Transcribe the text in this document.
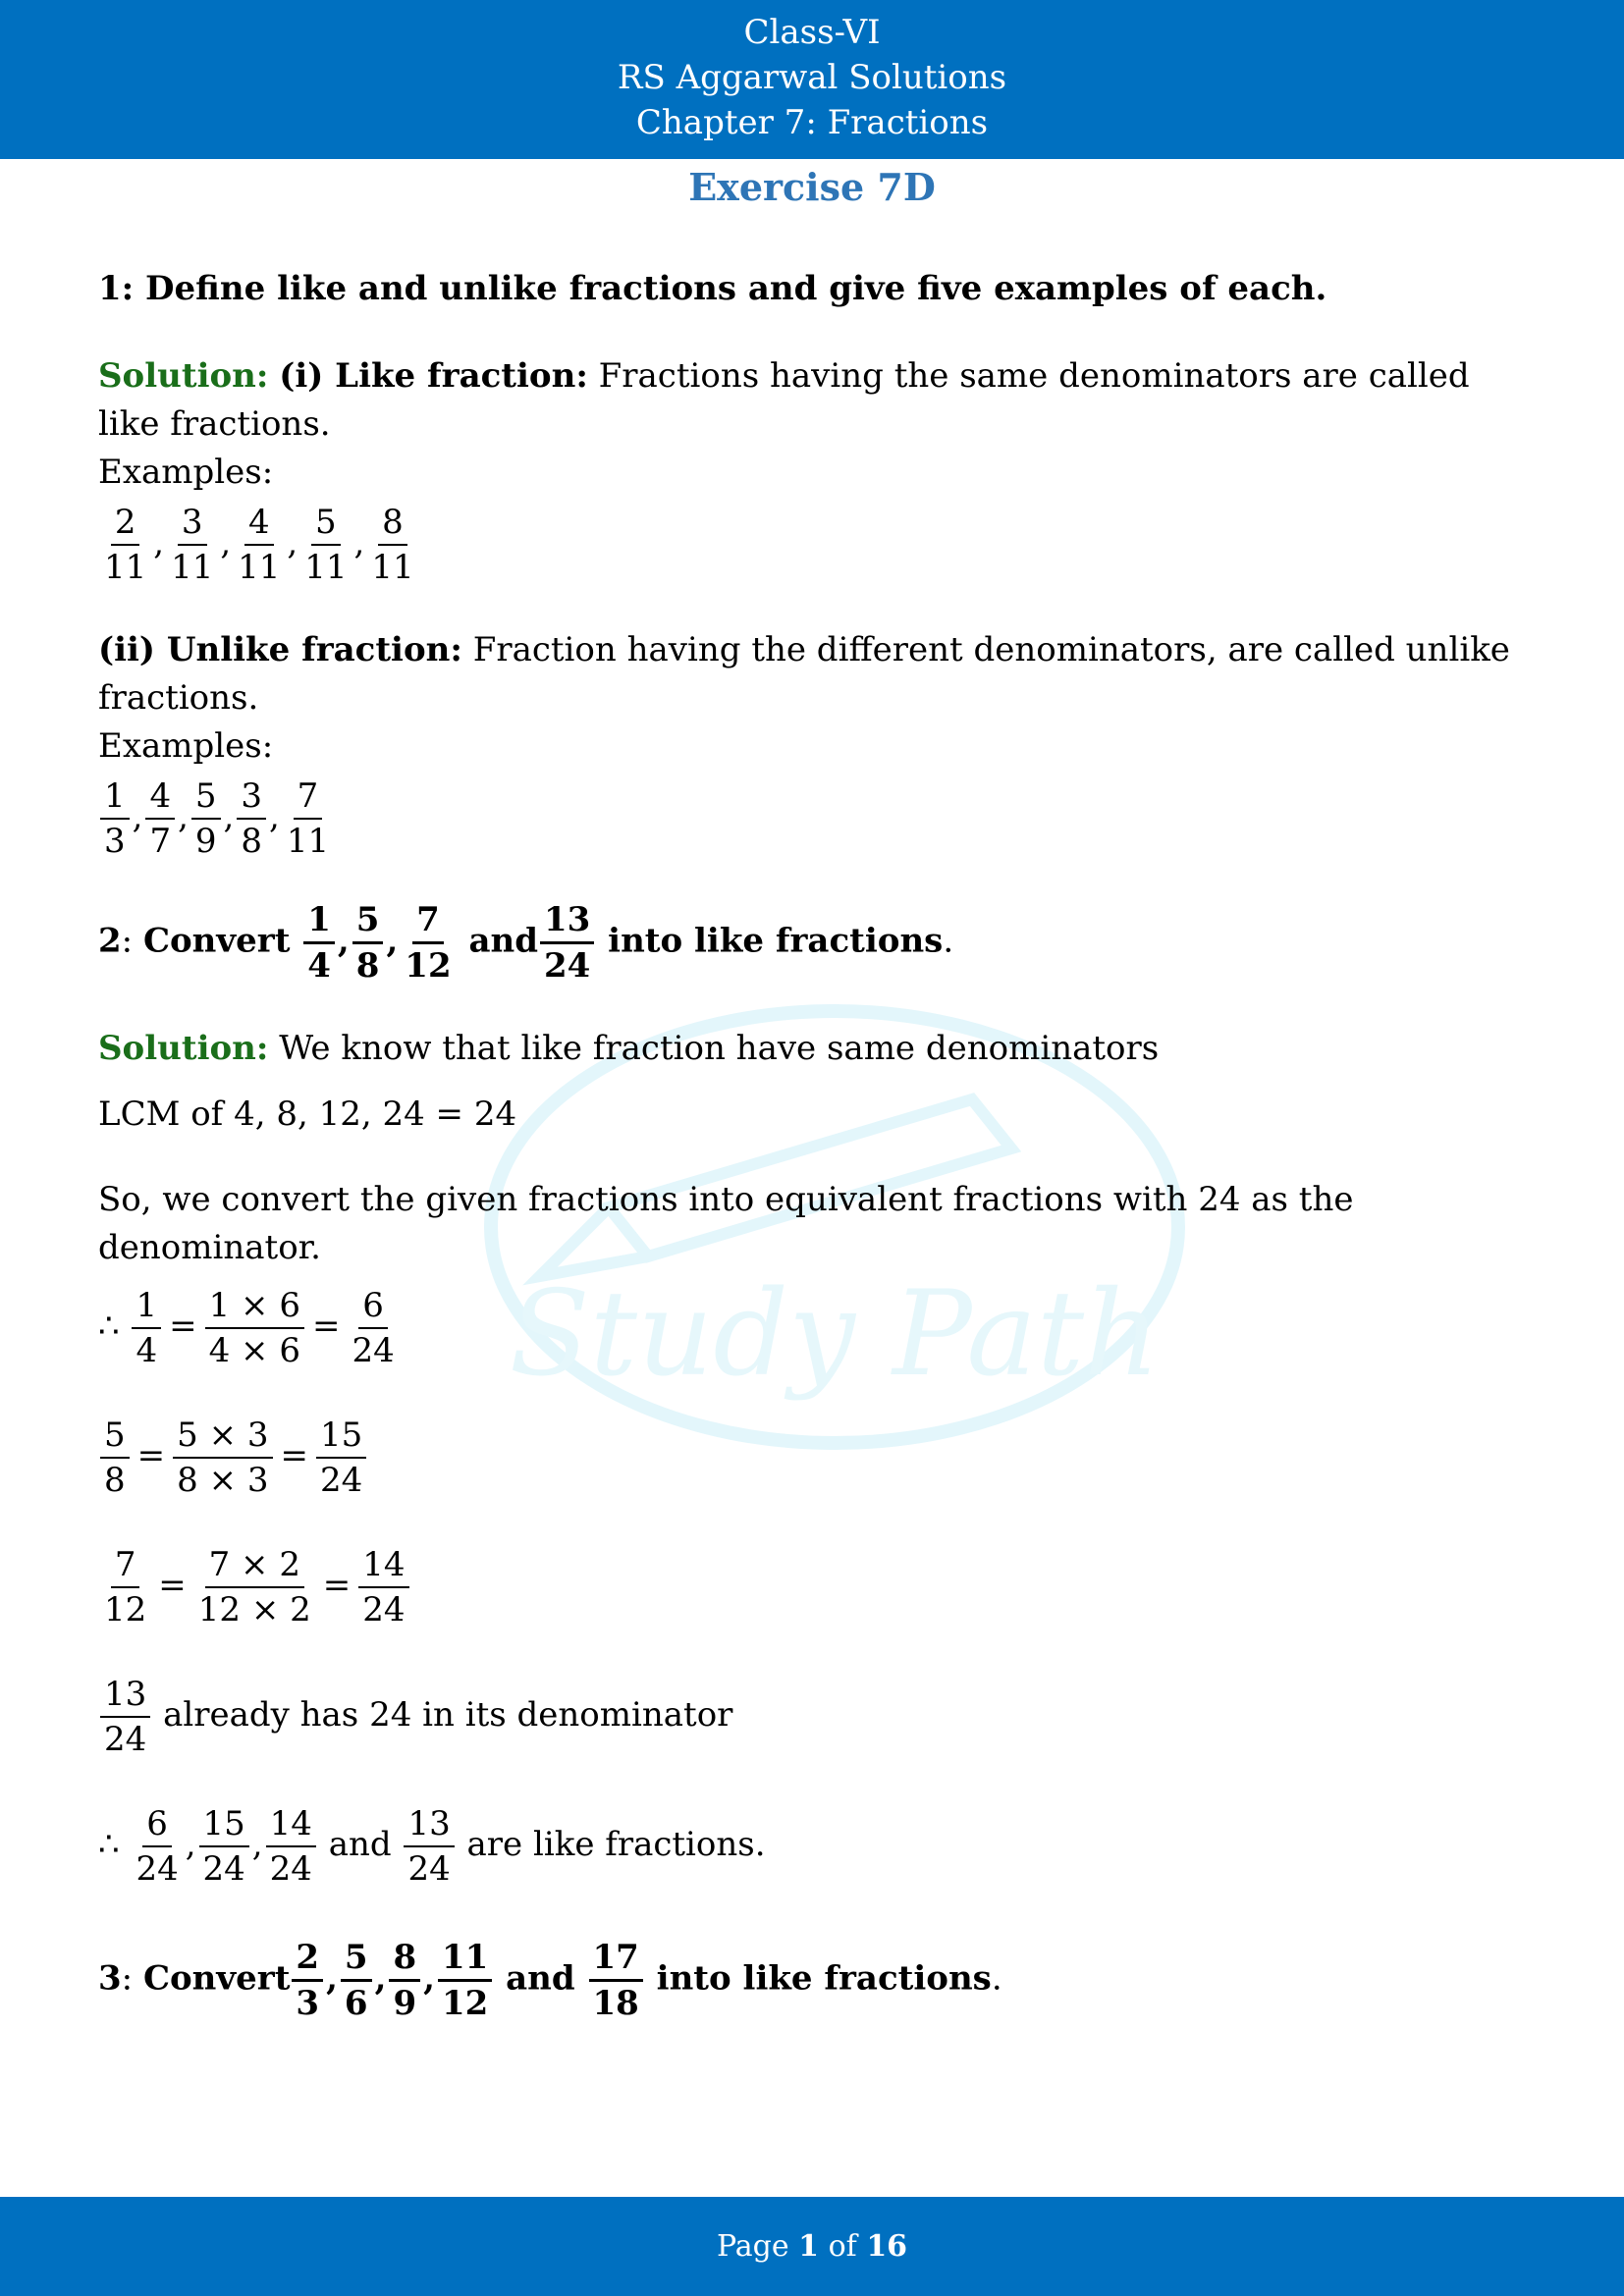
Class-VI
RS Aggarwal Solutions
Chapter 7: Fractions
Exercise 7D
Study Path

1: Define like and unlike fractions and give five examples of each.

Solution: (i) Like fraction: Fractions having the same denominators are called like fractions.

Examples:

$\frac{2}{11}$ , $\frac{3}{11}$ , $\frac{4}{11}$ , $\frac{5}{11}$ , $\frac{8}{11}$

(ii) Unlike fraction: Fraction having the different denominators, are called unlike fractions.

Examples:

$\frac{1}{3}$ , $\frac{4}{7}$ , $\frac{5}{9}$ , $\frac{3}{8}$ , $\frac{7}{11}$
2: Convert $\frac{1}{4}$ , $\frac{5}{8}$ , $\frac{7}{12}$ and $\frac{13}{24}$ into like fractions.

Solution: We know that like fraction have same denominators

LCM of 4, 8, 12, 24 = 24

So, we convert the given fractions into equivalent fractions with 24 as the denominator.

∴ $\frac{1}{4} = \frac{1 \times 6}{4 \times 6} = \frac{6}{24}$
$\frac{5}{8} = \frac{5 \times 3}{8 \times 3} = \frac{15}{24}$
$\frac{7}{12} = \frac{7 \times 2}{12 \times 2} = \frac{14}{24}$
$\frac{13}{24}$ already has 24 in its denominator
∴ $\frac{6}{24}$ , $\frac{15}{24}$ , $\frac{14}{24}$ and $\frac{13}{24}$ are like fractions.
3: Convert $\frac{2}{3}$ , $\frac{5}{6}$ , $\frac{8}{9}$ , $\frac{11}{12}$ and $\frac{17}{18}$ into like fractions.
Page 1 of 16
